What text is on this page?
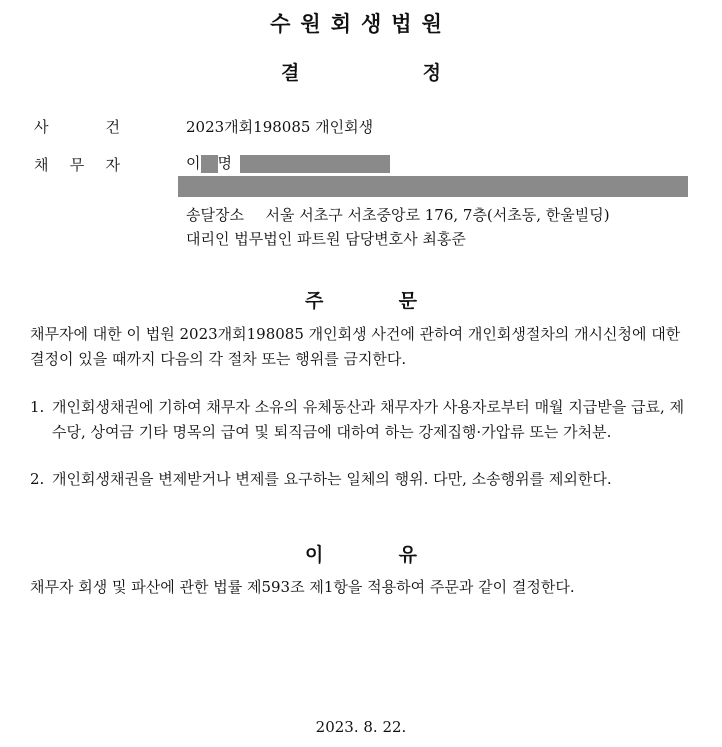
수원회생법원
결	정
사	건	2023개회198085 개인회생
채 무 자	이 명
송달장소 서울 서초구 서초중앙로 176, 7층(서초동, 한울빌딩)
대리인 법무법인 파트원 담당변호사 최홍준
주	문
채무자에 대한 이 법원 2023개회198085 개인회생 사건에 관하여 개인회생절차의 개시신청에 대한 결정이 있을 때까지 다음의 각 절차 또는 행위를 금지한다.
1. 개인회생채권에 기하여 채무자 소유의 유체동산과 채무자가 사용자로부터 매월 지급받을 급료, 제수당, 상여금 기타 명목의 급여 및 퇴직금에 대하여 하는 강제집행·가압류 또는 가처분.
2. 개인회생채권을 변제받거나 변제를 요구하는 일체의 행위. 다만, 소송행위를 제외한다.
이	유
채무자 회생 및 파산에 관한 법률 제593조 제1항을 적용하여 주문과 같이 결정한다.
2023. 8. 22.
